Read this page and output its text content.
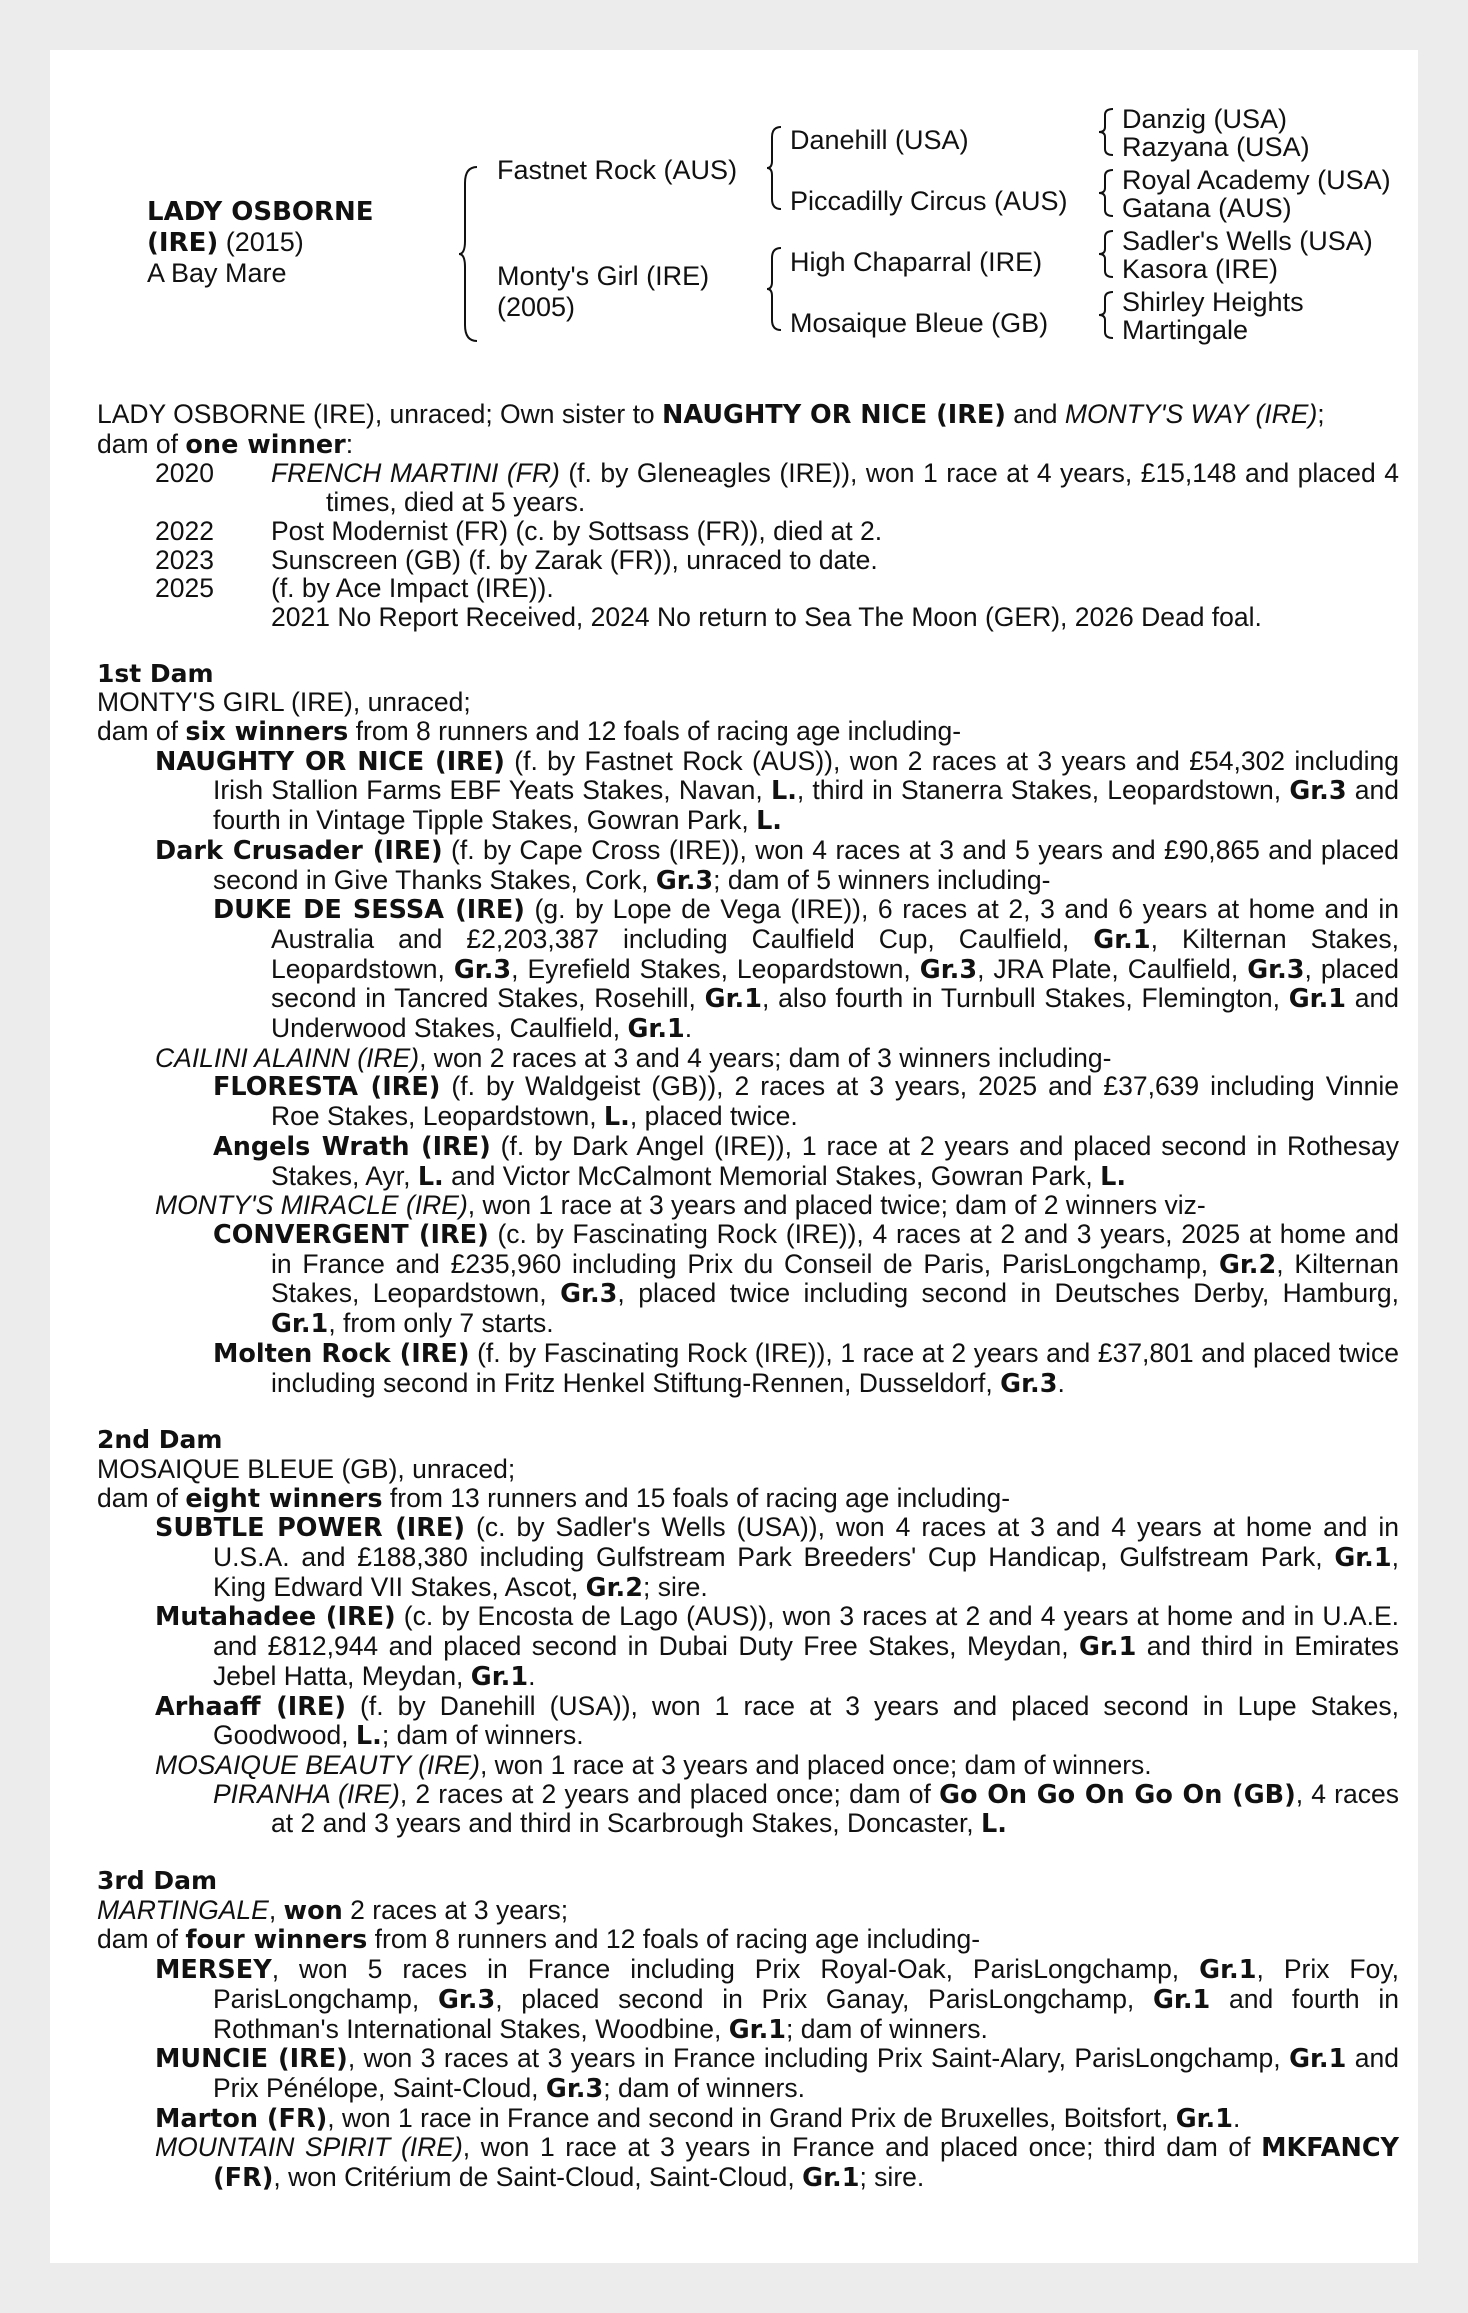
LADY OSBORNE
(IRE) (2015)
A Bay Mare
Fastnet Rock (AUS)
Monty's Girl (IRE)
(2005)
Danehill (USA)
Piccadilly Circus (AUS)
High Chaparral (IRE)
Mosaique Bleue (GB)
Danzig (USA)
Razyana (USA)
Royal Academy (USA)
Gatana (AUS)
Sadler's Wells (USA)
Kasora (IRE)
Shirley Heights
Martingale

LADY OSBORNE (IRE), unraced; Own sister to NAUGHTY OR NICE (IRE) and MONTY'S WAY (IRE);

dam of one winner:

2020 FRENCH MARTINI (FR) (f. by Gleneagles (IRE)), won 1 race at 4 years, £15,148 and placed 4 times, died at 5 years.
2022 Post Modernist (FR) (c. by Sottsass (FR)), died at 2.
2023 Sunscreen (GB) (f. by Zarak (FR)), unraced to date.
2025 (f. by Ace Impact (IRE)).
2021 No Report Received, 2024 No return to Sea The Moon (GER), 2026 Dead foal.
1st Dam

MONTY'S GIRL (IRE), unraced;

dam of six winners from 8 runners and 12 foals of racing age including-

NAUGHTY OR NICE (IRE) (f. by Fastnet Rock (AUS)), won 2 races at 3 years and £54,302 including Irish Stallion Farms EBF Yeats Stakes, Navan, L., third in Stanerra Stakes, Leopardstown, Gr.3 and fourth in Vintage Tipple Stakes, Gowran Park, L.

Dark Crusader (IRE) (f. by Cape Cross (IRE)), won 4 races at 3 and 5 years and £90,865 and placed second in Give Thanks Stakes, Cork, Gr.3; dam of 5 winners including-

DUKE DE SESSA (IRE) (g. by Lope de Vega (IRE)), 6 races at 2, 3 and 6 years at home and in Australia and £2,203,387 including Caulfield Cup, Caulfield, Gr.1, Kilternan Stakes, Leopardstown, Gr.3, Eyrefield Stakes, Leopardstown, Gr.3, JRA Plate, Caulfield, Gr.3, placed second in Tancred Stakes, Rosehill, Gr.1, also fourth in Turnbull Stakes, Flemington, Gr.1 and Underwood Stakes, Caulfield, Gr.1.

CAILINI ALAINN (IRE), won 2 races at 3 and 4 years; dam of 3 winners including-

FLORESTA (IRE) (f. by Waldgeist (GB)), 2 races at 3 years, 2025 and £37,639 including Vinnie Roe Stakes, Leopardstown, L., placed twice.

Angels Wrath (IRE) (f. by Dark Angel (IRE)), 1 race at 2 years and placed second in Rothesay Stakes, Ayr, L. and Victor McCalmont Memorial Stakes, Gowran Park, L.

MONTY'S MIRACLE (IRE), won 1 race at 3 years and placed twice; dam of 2 winners viz-

CONVERGENT (IRE) (c. by Fascinating Rock (IRE)), 4 races at 2 and 3 years, 2025 at home and in France and £235,960 including Prix du Conseil de Paris, ParisLongchamp, Gr.2, Kilternan Stakes, Leopardstown, Gr.3, placed twice including second in Deutsches Derby, Hamburg, Gr.1, from only 7 starts.

Molten Rock (IRE) (f. by Fascinating Rock (IRE)), 1 race at 2 years and £37,801 and placed twice including second in Fritz Henkel Stiftung-Rennen, Dusseldorf, Gr.3.

2nd Dam

MOSAIQUE BLEUE (GB), unraced;

dam of eight winners from 13 runners and 15 foals of racing age including-

SUBTLE POWER (IRE) (c. by Sadler's Wells (USA)), won 4 races at 3 and 4 years at home and in U.S.A. and £188,380 including Gulfstream Park Breeders' Cup Handicap, Gulfstream Park, Gr.1, King Edward VII Stakes, Ascot, Gr.2; sire.

Mutahadee (IRE) (c. by Encosta de Lago (AUS)), won 3 races at 2 and 4 years at home and in U.A.E. and £812,944 and placed second in Dubai Duty Free Stakes, Meydan, Gr.1 and third in Emirates Jebel Hatta, Meydan, Gr.1.

Arhaaff (IRE) (f. by Danehill (USA)), won 1 race at 3 years and placed second in Lupe Stakes, Goodwood, L.; dam of winners.

MOSAIQUE BEAUTY (IRE), won 1 race at 3 years and placed once; dam of winners.

PIRANHA (IRE), 2 races at 2 years and placed once; dam of Go On Go On Go On (GB), 4 races at 2 and 3 years and third in Scarbrough Stakes, Doncaster, L.

3rd Dam

MARTINGALE, won 2 races at 3 years;

dam of four winners from 8 runners and 12 foals of racing age including-

MERSEY, won 5 races in France including Prix Royal-Oak, ParisLongchamp, Gr.1, Prix Foy, ParisLongchamp, Gr.3, placed second in Prix Ganay, ParisLongchamp, Gr.1 and fourth in Rothman's International Stakes, Woodbine, Gr.1; dam of winners.

MUNCIE (IRE), won 3 races at 3 years in France including Prix Saint-Alary, ParisLongchamp, Gr.1 and Prix Pénélope, Saint-Cloud, Gr.3; dam of winners.

Marton (FR), won 1 race in France and second in Grand Prix de Bruxelles, Boitsfort, Gr.1.

MOUNTAIN SPIRIT (IRE), won 1 race at 3 years in France and placed once; third dam of MKFANCY (FR), won Critérium de Saint-Cloud, Saint-Cloud, Gr.1; sire.
